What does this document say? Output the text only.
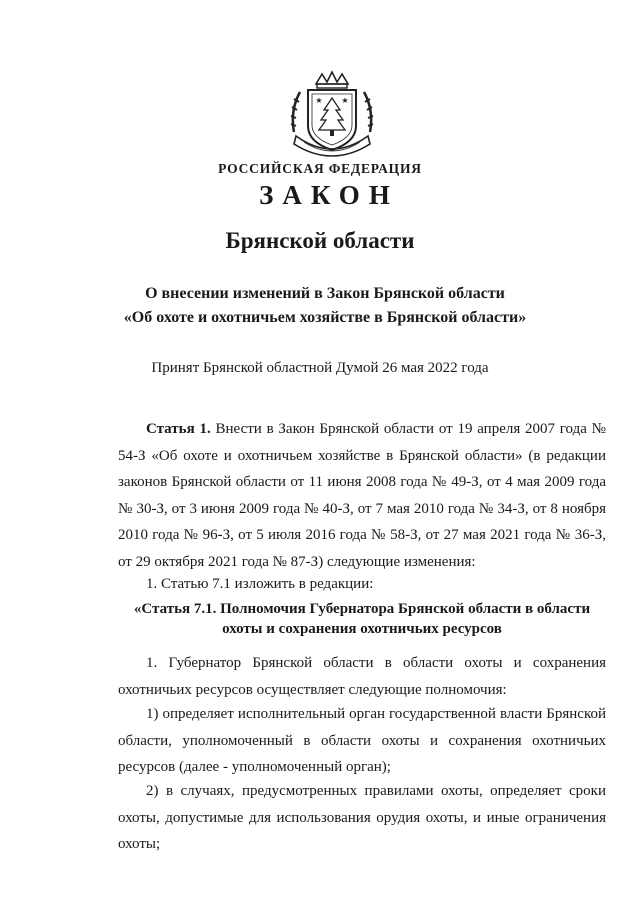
★ ★
РОССИЙСКАЯ ФЕДЕРАЦИЯ
ЗАКОН
Брянской области
О внесении изменений в Закон Брянской области
«Об охоте и охотничьем хозяйстве в Брянской области»
Принят Брянской областной Думой 26 мая 2022 года

Статья 1. Внести в Закон Брянской области от 19 апреля 2007 года № 54-З «Об охоте и охотничьем хозяйстве в Брянской области» (в редакции законов Брянской области от 11 июня 2008 года № 49-З, от 4 мая 2009 года № 30-З, от 3 июня 2009 года № 40-З, от 7 мая 2010 года № 34-З, от 8 ноября 2010 года № 96-З, от 5 июля 2016 года № 58-З, от 27 мая 2021 года № 36-З, от 29 октября 2021 года № 87-З) следующие изменения:

1. Статью 7.1 изложить в редакции:

«Статья 7.1. Полномочия Губернатора Брянской области в области
охоты и сохранения охотничьих ресурсов

1. Губернатор Брянской области в области охоты и сохранения охотничьих ресурсов осуществляет следующие полномочия:

1) определяет исполнительный орган государственной власти Брянской области, уполномоченный в области охоты и сохранения охотничьих ресурсов (далее - уполномоченный орган);

2) в случаях, предусмотренных правилами охоты, определяет сроки охоты, допустимые для использования орудия охоты, и иные ограничения охоты;
